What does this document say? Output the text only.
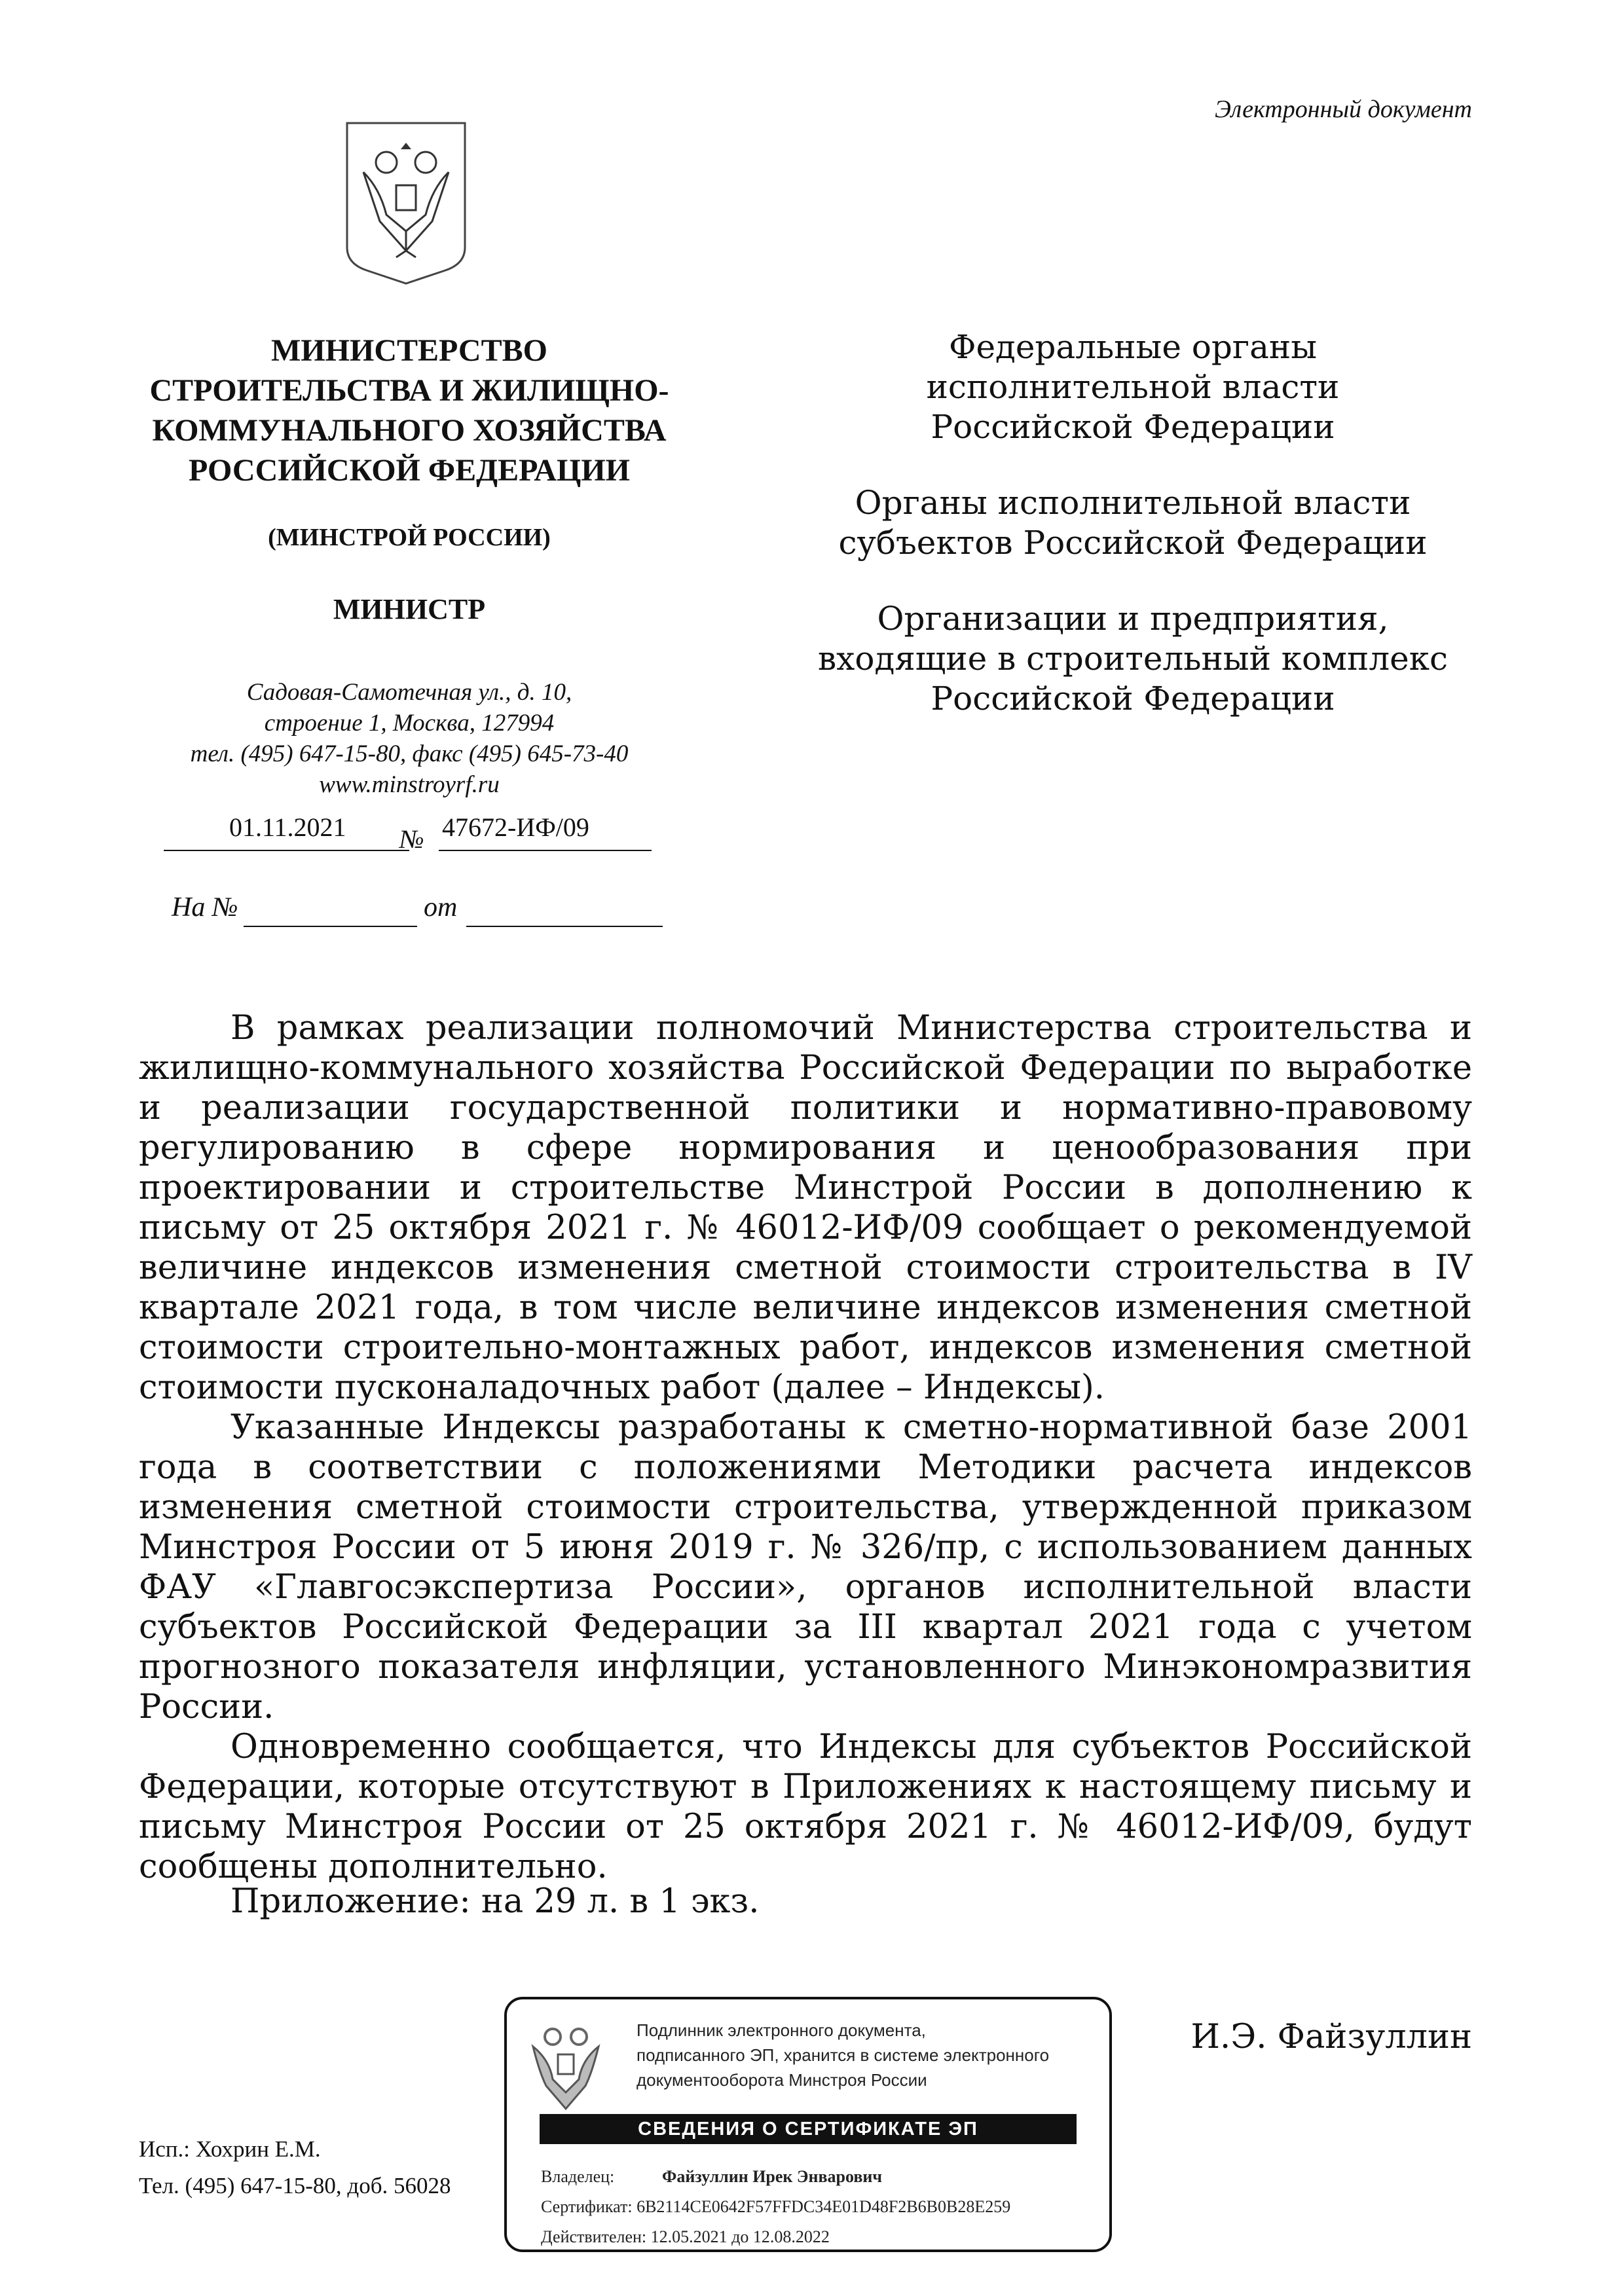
Электронный документ
МИНИСТЕРСТВО
СТРОИТЕЛЬСТВА И ЖИЛИЩНО-
КОММУНАЛЬНОГО ХОЗЯЙСТВА
РОССИЙСКОЙ ФЕДЕРАЦИИ
(МИНСТРОЙ РОССИИ)
МИНИСТР
Садовая-Самотечная ул., д. 10,
строение 1, Москва, 127994
тел. (495) 647-15-80, факс (495) 645-73-40
www.minstroyrf.ru
01.11.2021 № 47672-ИФ/09
На №	от

Федеральные органы
исполнительной власти
Российской Федерации

Органы исполнительной власти
субъектов Российской Федерации

Организации и предприятия,
входящие в строительный комплекс
Российской Федерации

В рамках реализации полномочий Министерства строительства и жилищно-коммунального хозяйства Российской Федерации по выработке и реализации государственной политики и нормативно-правовому регулированию в сфере нормирования и ценообразования при проектировании и строительстве Минстрой России в дополнению к письму от 25 октября 2021 г. № 46012-ИФ/09 сообщает о рекомендуемой величине индексов изменения сметной стоимости строительства в IV квартале 2021 года, в том числе величине индексов изменения сметной стоимости строительно-монтажных работ, индексов изменения сметной стоимости пусконаладочных работ (далее – Индексы).

Указанные Индексы разработаны к сметно-нормативной базе 2001 года в соответствии с положениями Методики расчета индексов изменения сметной стоимости строительства, утвержденной приказом Минстроя России от 5 июня 2019 г. № 326/пр, с использованием данных ФАУ «Главгосэкспертиза России», органов исполнительной власти субъектов Российской Федерации за III квартал 2021 года с учетом прогнозного показателя инфляции, установленного Минэкономразвития России.

Одновременно сообщается, что Индексы для субъектов Российской Федерации, которые отсутствуют в Приложениях к настоящему письму и письму Минстроя России от 25 октября 2021 г. № 46012-ИФ/09, будут сообщены дополнительно.

Приложение: на 29 л. в 1 экз.
Подлинник электронного документа,
подписанного ЭП, хранится в системе электронного
документооборота Минстроя России
СВЕДЕНИЯ О СЕРТИФИКАТЕ ЭП
Владелец:	Файзуллин Ирек Энварович
Сертификат: 6B2114CE0642F57FFDC34E01D48F2B6B0B28E259
Действителен: 12.05.2021 до 12.08.2022
И.Э. Файзуллин
Исп.: Хохрин Е.М.
Тел. (495) 647-15-80, доб. 56028
